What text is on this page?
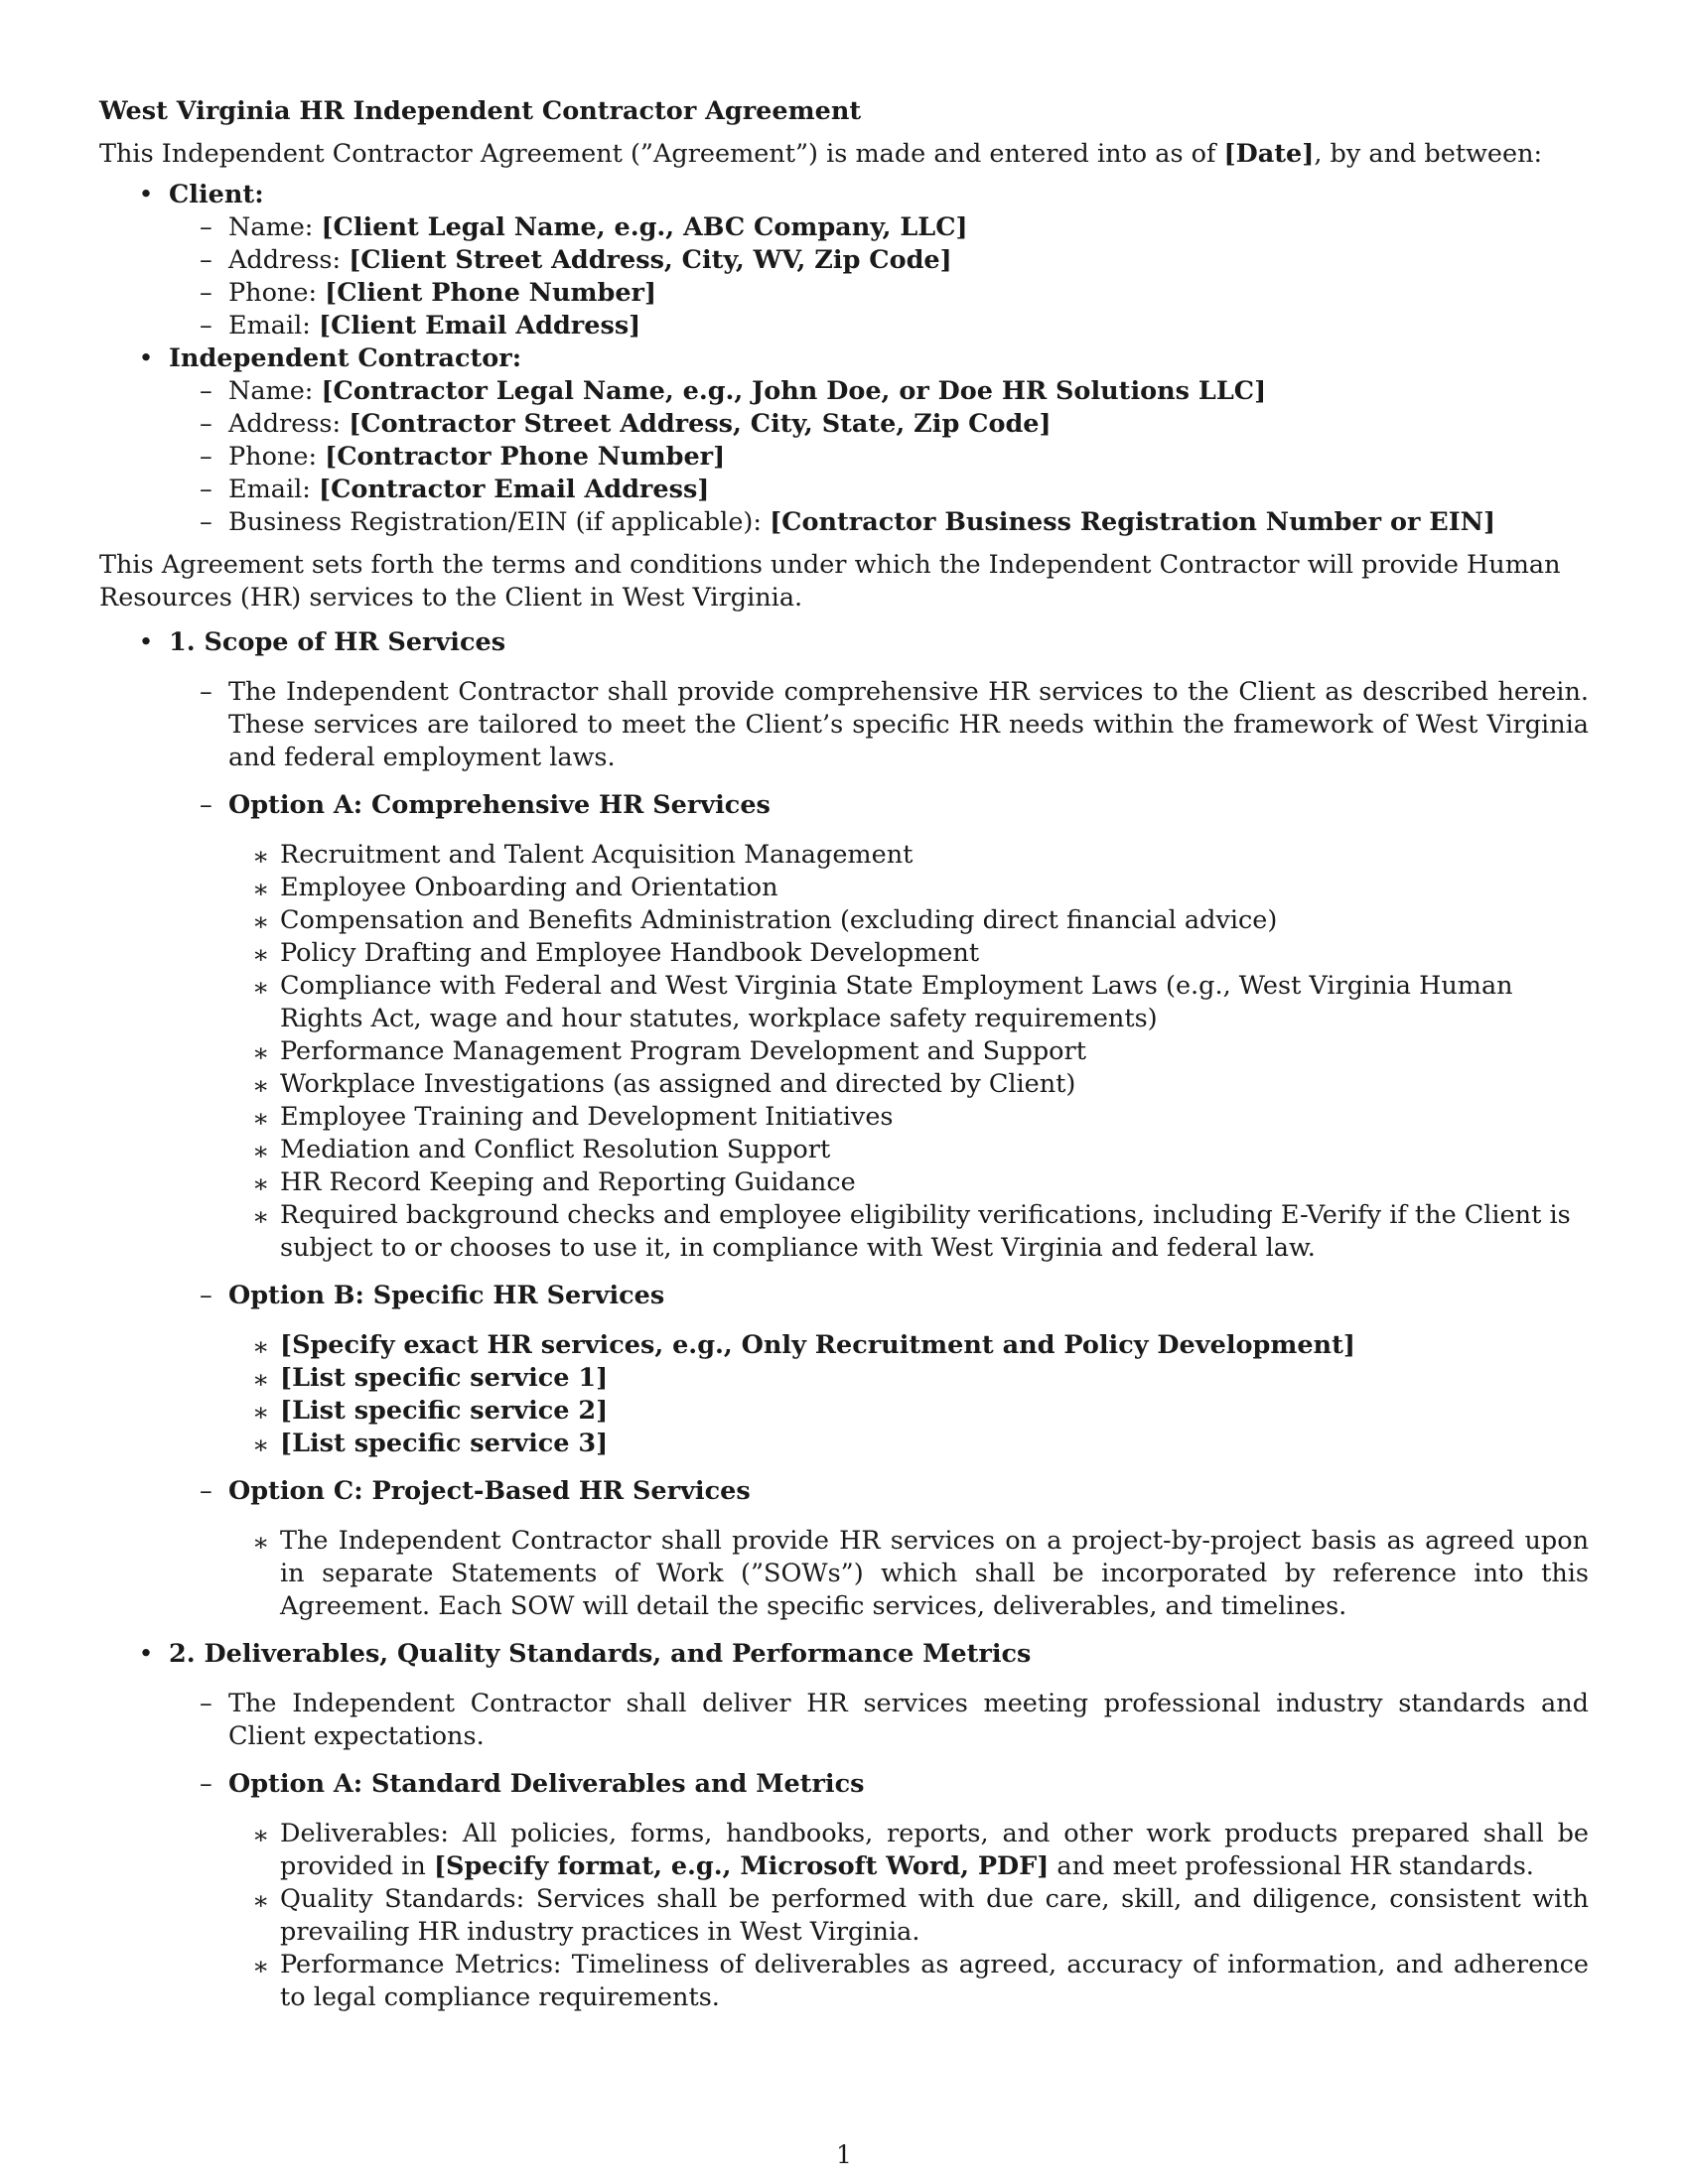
West Virginia HR Independent Contractor Agreement

This Independent Contractor Agreement (”Agreement”) is made and entered into as of [Date], by and between:

• Client:
– Name: [Client Legal Name, e.g., ABC Company, LLC]
– Address: [Client Street Address, City, WV, Zip Code]
– Phone: [Client Phone Number]
– Email: [Client Email Address]
• Independent Contractor:
– Name: [Contractor Legal Name, e.g., John Doe, or Doe HR Solutions LLC]
– Address: [Contractor Street Address, City, State, Zip Code]
– Phone: [Contractor Phone Number]
– Email: [Contractor Email Address]
– Business Registration/EIN (if applicable): [Contractor Business Registration Number or EIN]

This Agreement sets forth the terms and conditions under which the Independent Contractor will provide Human Resources (HR) services to the Client in West Virginia.

• 1. Scope of HR Services
– The Independent Contractor shall provide comprehensive HR services to the Client as described herein. These services are tailored to meet the Client’s specific HR needs within the framework of West Virginia and federal employment laws.
– Option A: Comprehensive HR Services
∗ Recruitment and Talent Acquisition Management
∗ Employee Onboarding and Orientation
∗ Compensation and Benefits Administration (excluding direct financial advice)
∗ Policy Drafting and Employee Handbook Development
∗ Compliance with Federal and West Virginia State Employment Laws (e.g., West Virginia Human Rights Act, wage and hour statutes, workplace safety requirements)
∗ Performance Management Program Development and Support
∗ Workplace Investigations (as assigned and directed by Client)
∗ Employee Training and Development Initiatives
∗ Mediation and Conflict Resolution Support
∗ HR Record Keeping and Reporting Guidance
∗ Required background checks and employee eligibility verifications, including E-Verify if the Client is subject to or chooses to use it, in compliance with West Virginia and federal law.
– Option B: Specific HR Services
∗ [Specify exact HR services, e.g., Only Recruitment and Policy Development]
∗ [List specific service 1]
∗ [List specific service 2]
∗ [List specific service 3]
– Option C: Project-Based HR Services
∗ The Independent Contractor shall provide HR services on a project-by-project basis as agreed upon in separate Statements of Work (”SOWs”) which shall be incorporated by reference into this Agreement. Each SOW will detail the specific services, deliverables, and timelines.
• 2. Deliverables, Quality Standards, and Performance Metrics
– The Independent Contractor shall deliver HR services meeting professional industry standards and Client expectations.
– Option A: Standard Deliverables and Metrics
∗ Deliverables: All policies, forms, handbooks, reports, and other work products prepared shall be provided in [Specify format, e.g., Microsoft Word, PDF] and meet professional HR standards.
∗ Quality Standards: Services shall be performed with due care, skill, and diligence, consistent with prevailing HR industry practices in West Virginia.
∗ Performance Metrics: Timeliness of deliverables as agreed, accuracy of information, and adherence to legal compliance requirements.
1
